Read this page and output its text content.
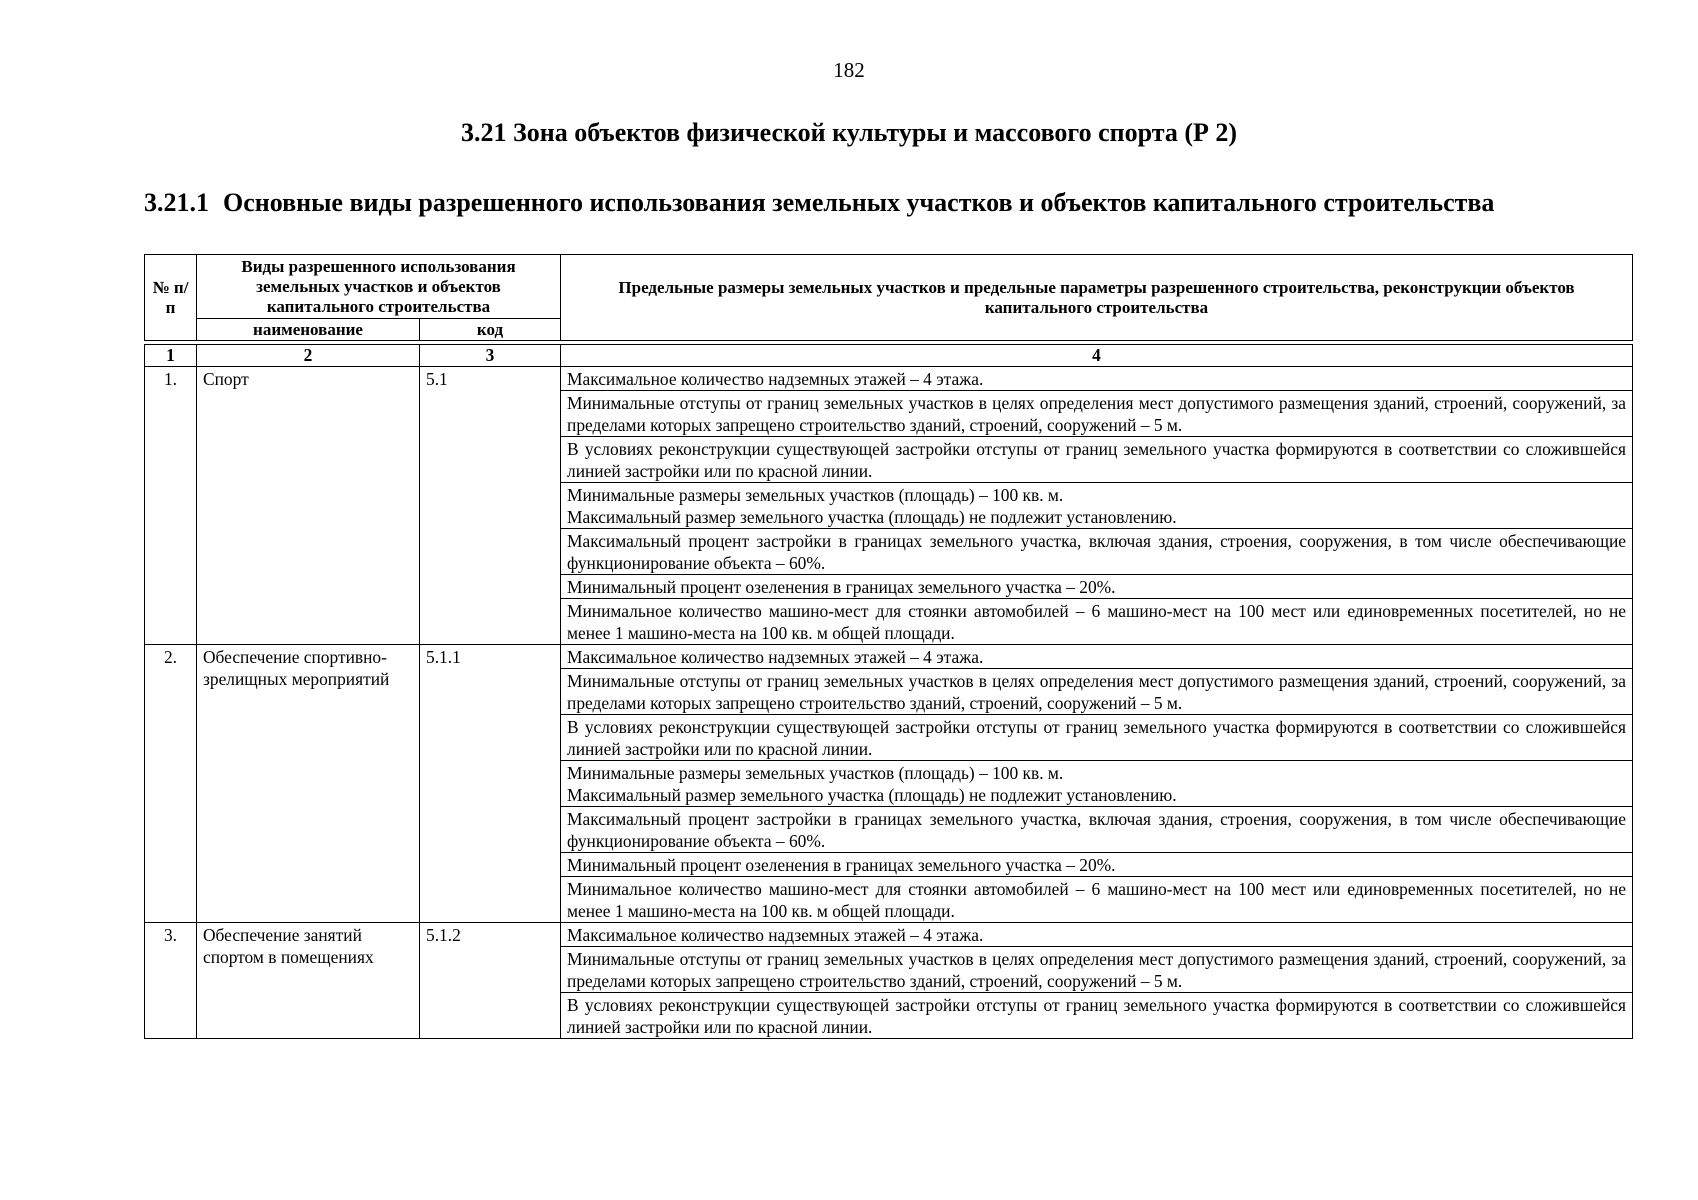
182
3.21 Зона объектов физической культуры и массового спорта (Р 2)
3.21.1 Основные виды разрешенного использования земельных участков и объектов капитального строительства
№ п/п	Виды разрешенного использования земельных участков и объектов капитального строительства		Предельные размеры земельных участков и предельные параметры разрешенного строительства, реконструкции объектов капитального строительства
	наименование	код	

1	2	3	4
1.	Спорт	5.1	Максимальное количество надземных этажей – 4 этажа.

			Минимальные отступы от границ земельных участков в целях определения мест допустимого размещения зданий, строений, сооружений, за пределами которых запрещено строительство зданий, строений, сооружений – 5 м.

			В условиях реконструкции существующей застройки отступы от границ земельного участка формируются в соответствии со сложившейся линией застройки или по красной линии.

			Минимальные размеры земельных участков (площадь) – 100 кв. м.
Максимальный размер земельного участка (площадь) не подлежит установлению.

			Максимальный процент застройки в границах земельного участка, включая здания, строения, сооружения, в том числе обеспечивающие функционирование объекта – 60%.

			Минимальный процент озеленения в границах земельного участка – 20%.

			Минимальное количество машино-мест для стоянки автомобилей – 6 машино-мест на 100 мест или единовременных посетителей, но не менее 1 машино-места на 100 кв. м общей площади.

2.	Обеспечение спортивно-зрелищных мероприятий	5.1.1	Максимальное количество надземных этажей – 4 этажа.

			Минимальные отступы от границ земельных участков в целях определения мест допустимого размещения зданий, строений, сооружений, за пределами которых запрещено строительство зданий, строений, сооружений – 5 м.

			В условиях реконструкции существующей застройки отступы от границ земельного участка формируются в соответствии со сложившейся линией застройки или по красной линии.

			Минимальные размеры земельных участков (площадь) – 100 кв. м.
Максимальный размер земельного участка (площадь) не подлежит установлению.

			Максимальный процент застройки в границах земельного участка, включая здания, строения, сооружения, в том числе обеспечивающие функционирование объекта – 60%.

			Минимальный процент озеленения в границах земельного участка – 20%.

			Минимальное количество машино-мест для стоянки автомобилей – 6 машино-мест на 100 мест или единовременных посетителей, но не менее 1 машино-места на 100 кв. м общей площади.

3.	Обеспечение занятий спортом в помещениях	5.1.2	Максимальное количество надземных этажей – 4 этажа.

			Минимальные отступы от границ земельных участков в целях определения мест допустимого размещения зданий, строений, сооружений, за пределами которых запрещено строительство зданий, строений, сооружений – 5 м.

			В условиях реконструкции существующей застройки отступы от границ земельного участка формируются в соответствии со сложившейся линией застройки или по красной линии.
